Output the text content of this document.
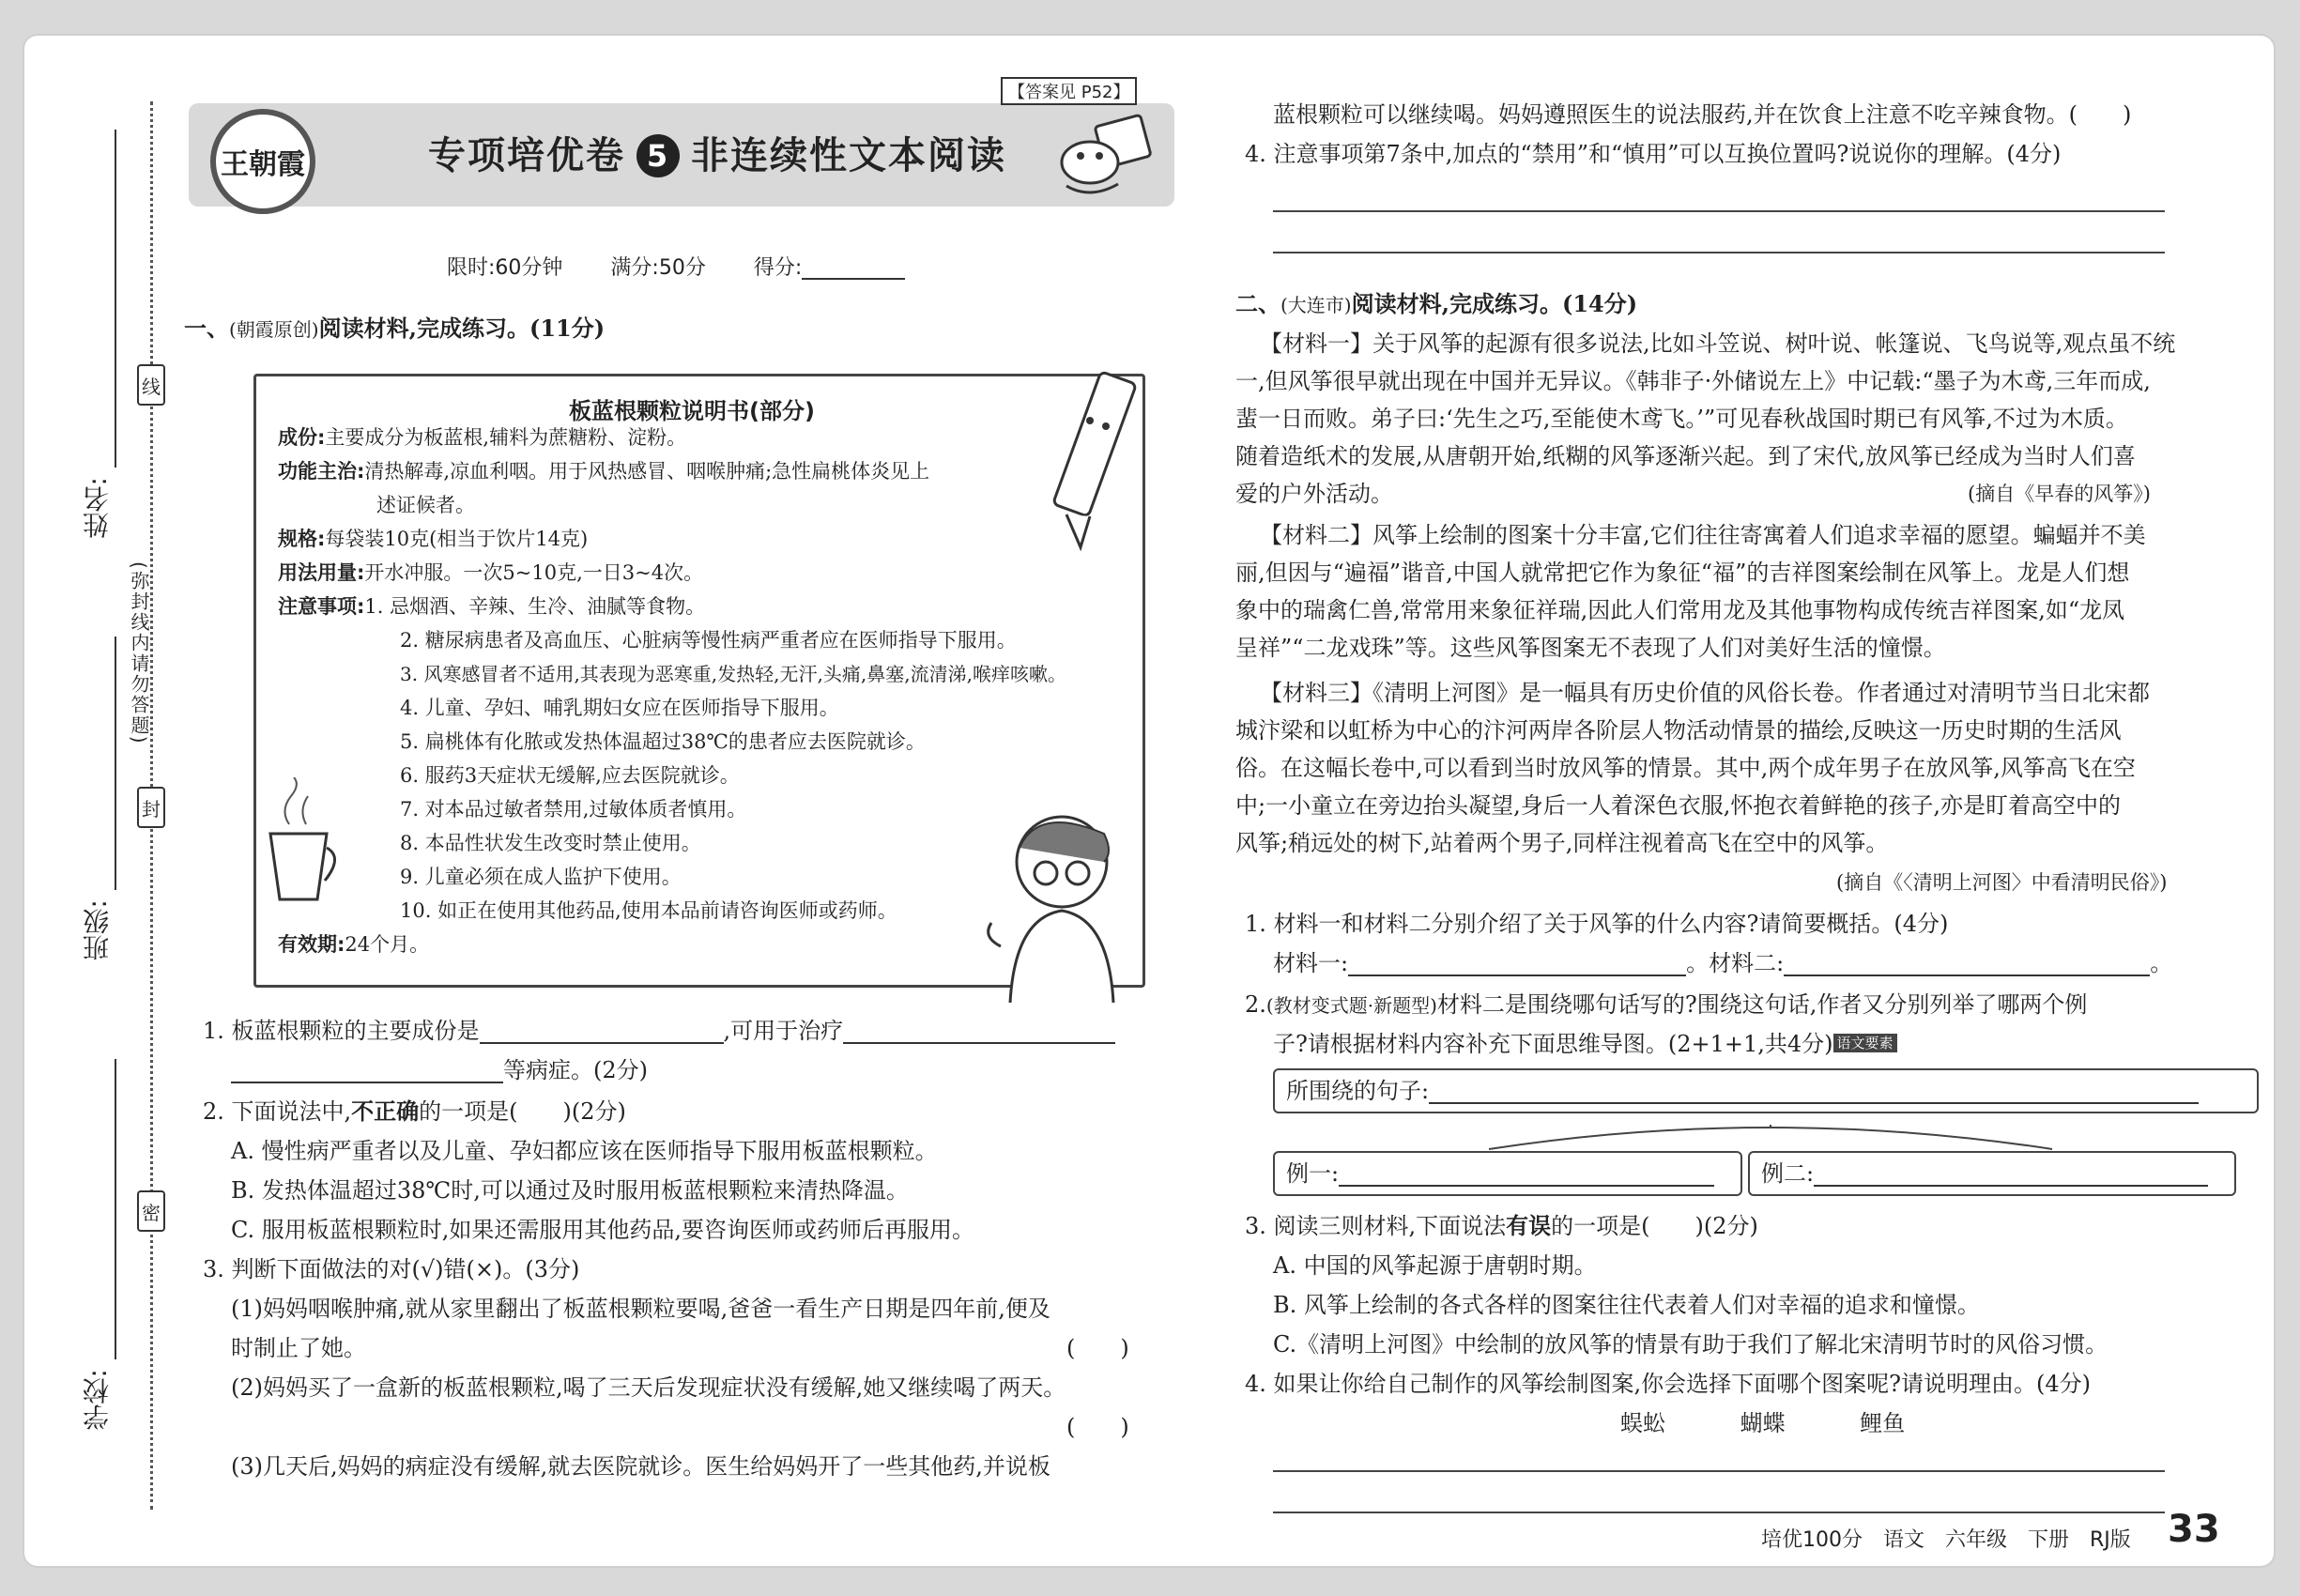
线
封
密
(弥封线内请勿答题)
姓名:
班级:
学校:
王朝霞
【答案见 P52】
专项培优卷 5 非连续性文本阅读
限时:60分钟　　 满分:50分　　 得分:
一、(朝霞原创)阅读材料,完成练习。(11分)
板蓝根颗粒说明书(部分)
成份:主要成分为板蓝根,辅料为蔗糖粉、淀粉。
功能主治:清热解毒,凉血利咽。用于风热感冒、咽喉肿痛;急性扁桃体炎见上
述证候者。
规格:每袋装10克(相当于饮片14克)
用法用量:开水冲服。一次5~10克,一日3~4次。
注意事项:1. 忌烟酒、辛辣、生冷、油腻等食物。
2. 糖尿病患者及高血压、心脏病等慢性病严重者应在医师指导下服用。
3. 风寒感冒者不适用,其表现为恶寒重,发热轻,无汗,头痛,鼻塞,流清涕,喉痒咳嗽。
4. 儿童、孕妇、哺乳期妇女应在医师指导下服用。
5. 扁桃体有化脓或发热体温超过38℃的患者应去医院就诊。
6. 服药3天症状无缓解,应去医院就诊。
7. 对本品过敏者禁用,过敏体质者慎用。
8. 本品性状发生改变时禁止使用。
9. 儿童必须在成人监护下使用。
10. 如正在使用其他药品,使用本品前请咨询医师或药师。
有效期:24个月。
1. 板蓝根颗粒的主要成份是	,可用于治疗
等病症。(2分)
2. 下面说法中,不正确的一项是(　　)(2分)
A. 慢性病严重者以及儿童、孕妇都应该在医师指导下服用板蓝根颗粒。
B. 发热体温超过38℃时,可以通过及时服用板蓝根颗粒来清热降温。
C. 服用板蓝根颗粒时,如果还需服用其他药品,要咨询医师或药师后再服用。
3. 判断下面做法的对(√)错(×)。(3分)
(1)妈妈咽喉肿痛,就从家里翻出了板蓝根颗粒要喝,爸爸一看生产日期是四年前,便及
时制止了她。	(　　)
(2)妈妈买了一盒新的板蓝根颗粒,喝了三天后发现症状没有缓解,她又继续喝了两天。
(　　)
(3)几天后,妈妈的病症没有缓解,就去医院就诊。医生给妈妈开了一些其他药,并说板
蓝根颗粒可以继续喝。妈妈遵照医生的说法服药,并在饮食上注意不吃辛辣食物。(　　)
4. 注意事项第7条中,加点的“禁用”和“慎用”可以互换位置吗?说说你的理解。(4分)
二、(大连市)阅读材料,完成练习。(14分)
【材料一】关于风筝的起源有很多说法,比如斗笠说、树叶说、帐篷说、飞鸟说等,观点虽不统
一,但风筝很早就出现在中国并无异议。《韩非子·外储说左上》中记载:“墨子为木鸢,三年而成,
蜚一日而败。弟子曰:‘先生之巧,至能使木鸢飞。’”可见春秋战国时期已有风筝,不过为木质。
随着造纸术的发展,从唐朝开始,纸糊的风筝逐渐兴起。到了宋代,放风筝已经成为当时人们喜
爱的户外活动。	(摘自《早春的风筝》)
【材料二】风筝上绘制的图案十分丰富,它们往往寄寓着人们追求幸福的愿望。蝙蝠并不美
丽,但因与“遍福”谐音,中国人就常把它作为象征“福”的吉祥图案绘制在风筝上。龙是人们想
象中的瑞禽仁兽,常常用来象征祥瑞,因此人们常用龙及其他事物构成传统吉祥图案,如“龙凤
呈祥”“二龙戏珠”等。这些风筝图案无不表现了人们对美好生活的憧憬。
【材料三】《清明上河图》是一幅具有历史价值的风俗长卷。作者通过对清明节当日北宋都
城汴梁和以虹桥为中心的汴河两岸各阶层人物活动情景的描绘,反映这一历史时期的生活风
俗。在这幅长卷中,可以看到当时放风筝的情景。其中,两个成年男子在放风筝,风筝高飞在空
中;一小童立在旁边抬头凝望,身后一人着深色衣服,怀抱衣着鲜艳的孩子,亦是盯着高空中的
风筝;稍远处的树下,站着两个男子,同样注视着高飞在空中的风筝。
(摘自《〈清明上河图〉中看清明民俗》)
1. 材料一和材料二分别介绍了关于风筝的什么内容?请简要概括。(4分)
材料一:	。材料二:	。
2.(教材变式题·新题型)材料二是围绕哪句话写的?围绕这句话,作者又分别列举了哪两个例
子?请根据材料内容补充下面思维导图。(2+1+1,共4分) 语文要素
所围绕的句子:
例一:	例二:
3. 阅读三则材料,下面说法有误的一项是(　　)(2分)
A. 中国的风筝起源于唐朝时期。
B. 风筝上绘制的各式各样的图案往往代表着人们对幸福的追求和憧憬。
C.《清明上河图》中绘制的放风筝的情景有助于我们了解北宋清明节时的风俗习惯。
4. 如果让你给自己制作的风筝绘制图案,你会选择下面哪个图案呢?请说明理由。(4分)
蜈蚣　　　	蝴蝶　　　	鲤鱼
培优100分　语文　六年级　下册　RJ版 33
